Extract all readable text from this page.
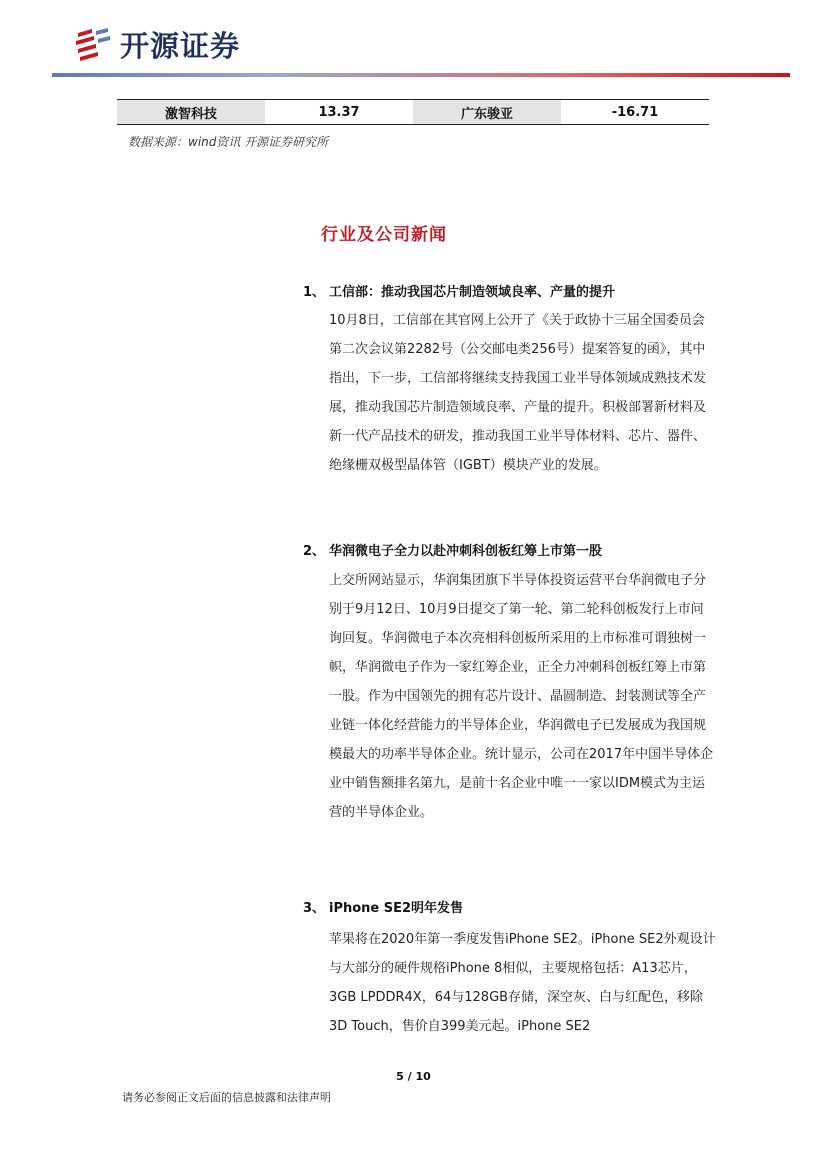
开源证券
激智科技	13.37	广东骏亚	-16.71
数据来源：wind资讯 开源证券研究所
行业及公司新闻
1、 工信部：推动我国芯片制造领域良率、产量的提升

10月8日，工信部在其官网上公开了《关于政协十三届全国委员会第二次会议第2282号（公交邮电类256号）提案答复的函》，其中指出，下一步，工信部将继续支持我国工业半导体领域成熟技术发展，推动我国芯片制造领域良率、产量的提升。积极部署新材料及新一代产品技术的研发，推动我国工业半导体材料、芯片、器件、绝缘栅双极型晶体管（IGBT）模块产业的发展。

2、 华润微电子全力以赴冲刺科创板红筹上市第一股

上交所网站显示，华润集团旗下半导体投资运营平台华润微电子分别于9月12日、10月9日提交了第一轮、第二轮科创板发行上市问询回复。华润微电子本次亮相科创板所采用的上市标准可谓独树一帜，华润微电子作为一家红筹企业，正全力冲刺科创板红筹上市第一股。作为中国领先的拥有芯片设计、晶圆制造、封装测试等全产业链一体化经营能力的半导体企业，华润微电子已发展成为我国规模最大的功率半导体企业。统计显示，公司在2017年中国半导体企业中销售额排名第九，是前十名企业中唯一一家以IDM模式为主运营的半导体企业。

3、 iPhone SE2明年发售

苹果将在2020年第一季度发售iPhone SE2。iPhone SE2外观设计与大部分的硬件规格iPhone 8相似，主要规格包括：A13芯片，3GB LPDDR4X，64与128GB存储，深空灰、白与红配色，移除3D Touch，售价自399美元起。iPhone SE2

5 / 10
请务必参阅正文后面的信息披露和法律声明
